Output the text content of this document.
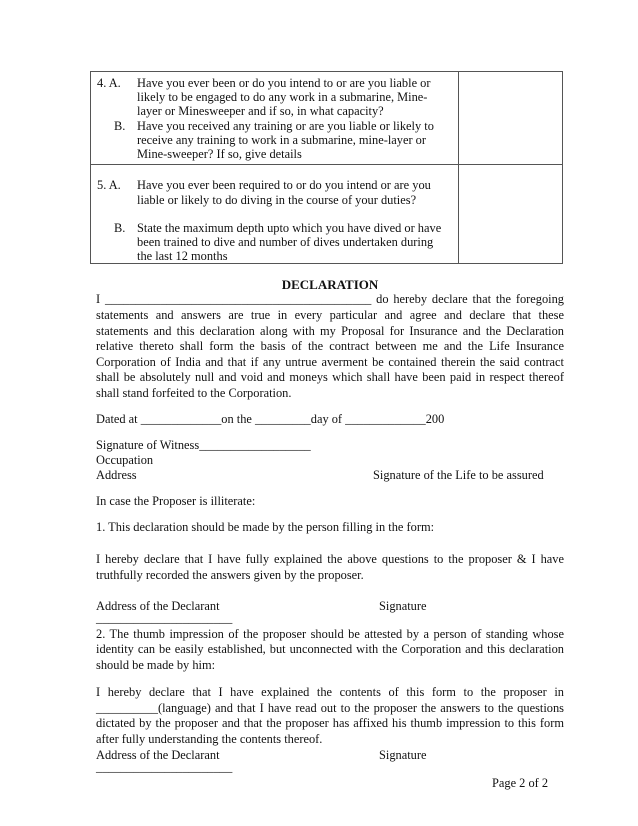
4. A. Have you ever been or do you intend to or are you liable or
likely to be engaged to do any work in a submarine, Mine-
layer or Minesweeper and if so, in what capacity?
B. Have you received any training or are you liable or likely to
receive any training to work in a submarine, mine-layer or
Mine-sweeper? If so, give details
5. A. Have you ever been required to or do you intend or are you
liable or likely to do diving in the course of your duties?
B. State the maximum depth upto which you have dived or have
been trained to dive and number of dives undertaken during
the last 12 months
DECLARATION
I ___________________________________________ do hereby declare that the foregoing
statements and answers are true in every particular and agree and declare that these
statements and this declaration along with my Proposal for Insurance and the Declaration
relative thereto shall form the basis of the contract between me and the Life Insurance
Corporation of India and that if any untrue averment be contained therein the said contract
shall be absolutely null and void and moneys which shall have been paid in respect thereof
shall stand forfeited to the Corporation.
Dated at _____________on the _________day of _____________200
Signature of Witness__________________
Occupation
Address	Signature of the Life to be assured
In case the Proposer is illiterate:
1. This declaration should be made by the person filling in the form:
I hereby declare that I have fully explained the above questions to the proposer & I have
truthfully recorded the answers given by the proposer.
Address of the Declarant	Signature
______________________
2. The thumb impression of the proposer should be attested by a person of standing whose
identity can be easily established, but unconnected with the Corporation and this declaration
should be made by him:
I hereby declare that I have explained the contents of this form to the proposer in
__________(language) and that I have read out to the proposer the answers to the questions
dictated by the proposer and that the proposer has affixed his thumb impression to this form
after fully understanding the contents thereof.
Address of the Declarant	Signature
______________________
Page 2 of 2
